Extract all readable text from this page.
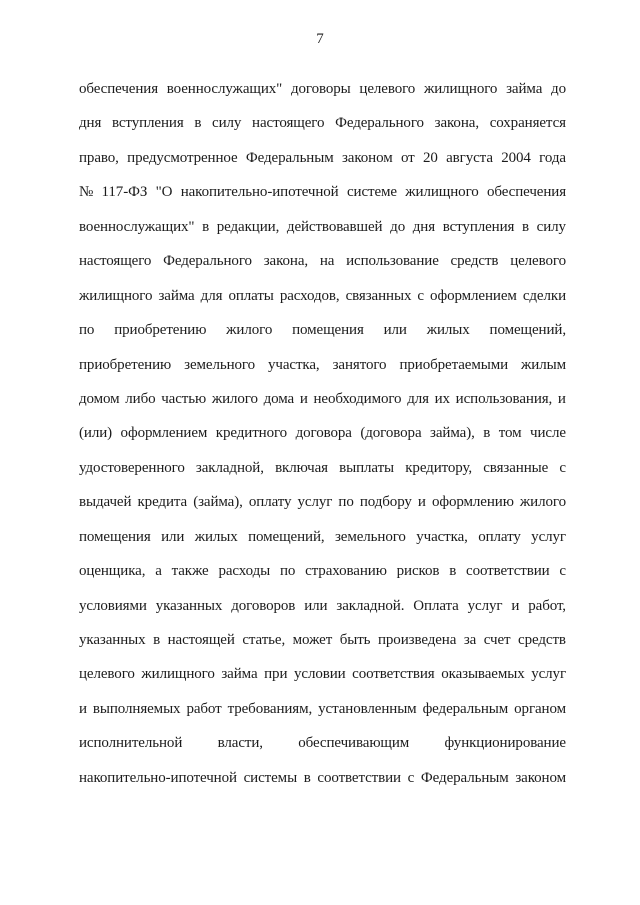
7
обеспечения военнослужащих" договоры целевого жилищного займа до
дня вступления в силу настоящего Федерального закона, сохраняется
право, предусмотренное Федеральным законом от 20 августа 2004 года
№ 117-ФЗ "О накопительно-ипотечной системе жилищного обеспечения
военнослужащих" в редакции, действовавшей до дня вступления в силу
настоящего Федерального закона, на использование средств целевого
жилищного займа для оплаты расходов, связанных с оформлением сделки
по приобретению жилого помещения или жилых помещений,
приобретению земельного участка, занятого приобретаемыми жилым
домом либо частью жилого дома и необходимого для их использования, и
(или) оформлением кредитного договора (договора займа), в том числе
удостоверенного закладной, включая выплаты кредитору, связанные с
выдачей кредита (займа), оплату услуг по подбору и оформлению жилого
помещения или жилых помещений, земельного участка, оплату услуг
оценщика, а также расходы по страхованию рисков в соответствии с
условиями указанных договоров или закладной. Оплата услуг и работ,
указанных в настоящей статье, может быть произведена за счет средств
целевого жилищного займа при условии соответствия оказываемых услуг
и выполняемых работ требованиям, установленным федеральным органом
исполнительной власти, обеспечивающим функционирование
накопительно-ипотечной системы в соответствии с Федеральным законом
